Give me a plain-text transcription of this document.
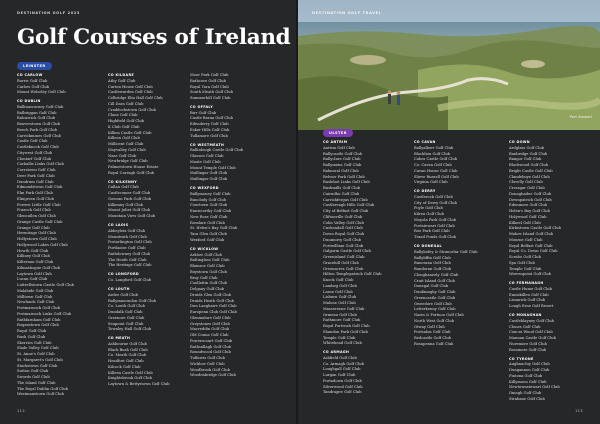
DESTINATION GOLF 2023
Golf Courses of Ireland
LEINSTER
CO CARLOW
Borris Golf Club
Carlow Golf Club
Mount Wolseley Golf Club
CO DUBLIN
Ballinascorney Golf Club
Balbriggan Golf Club
Balcarrick Golf Club
Beaverstown Golf Club
Beech Park Golf Club
Carrickmines Golf Club
Castle Golf Club
Castleknock Golf Club
Citywest Golf Club
Clontarf Golf Club
Corballis Links Golf Club
Corrstown Golf Club
Deer Park Golf Club
Dundrum Golf Club
Edmondstown Golf Club
Elm Park Golf Club
Elmgreen Golf Club
Forrest Little Golf Club
Foxrock Golf Club
Glencullen Golf Club
Grange Castle Golf Club
Grange Golf Club
Hermitage Golf Club
Hollystown Golf Club
Hollywood Lakes Golf Club
Howth Golf Club
Killiney Golf Club
Kilternan Golf Club
Kilmashogue Golf Club
Laytown Golf Club
Lucan Golf Club
Luttrellstown Castle Golf Club
Malahide Golf Club
Milltown Golf Club
Newlands Golf Club
Portmarnock Golf Club
Portmarnock Links Golf Club
Rathfarnham Golf Club
Roganstown Golf Club
Royal Golf Club
Rush Golf Club
Skerries Golf Club
Slade Valley Golf Club
St. Anne's Golf Club
St. Margaret's Golf Club
Stackstown Golf Club
Sutton Golf Club
Swords Golf Club
The Island Golf Club
The Royal Dublin Golf Club
Westmanstown Golf Club
CO KILDARE
Athy Golf Club
Carton House Golf Club
Castlewarden Golf Club
Celbridge Elm Hall Golf Club
Cill Dara Golf Club
Craddockstown Golf Club
Clane Golf Club
Highfield Golf Club
K Club Golf Club
Kilkea Castle Golf Club
Killeen Golf Club
Millicent Golf Club
Moyvalley Golf Club
Naas Golf Club
Newbridge Golf Club
Palmerstown House Estate
Royal Curragh Golf Club
CO KILKENNY
Callan Golf Club
Castlecomer Golf Club
Gowran Park Golf Club
Kilkenny Golf Club
Mount Juliet Golf Club
Mountain View Golf Club
CO LAOIS
Abbeyleix Golf Club
Mountrath Golf Club
Portarlington Golf Club
Portlaoise Golf Club
Rathdowney Golf Club
The Heath Golf Club
The Heritage Golf Club
CO LONGFORD
Co. Longford Golf Club
CO LOUTH
Ardee Golf Club
Ballymascanlon Golf Club
Co. Louth Golf Club
Dundalk Golf Club
Greenore Golf Club
Seapoint Golf Club
Townley Hall Golf Club
CO MEATH
Ashbourne Golf Club
Black Bush Golf Club
Co. Meath Golf Club
Headfort Golf Club
Kilcock Golf Club
Killeen Castle Golf Club
Knightsbrook Golf Club
Laytown & Bettystown Golf Club
Moor Park Golf Club
Rathcore Golf Club
Royal Tara Golf Club
South Meath Golf Club
Summerhill Golf Club
CO OFFALY
Birr Golf Club
Castle Barna Golf Club
Edenderry Golf Club
Esker Hills Golf Club
Tullamore Golf Club
CO WESTMEATH
Ballinlough Castle Golf Club
Glasson Golf Club
Moate Golf Club
Mount Temple Golf Club
Mullingar Golf Club
Mullingar Golf Club
CO WEXFORD
Ballymoney Golf Club
Bunclody Golf Club
Courtown Golf Club
Enniscorthy Golf Club
New Ross Golf Club
Rosslare Golf Club
St. Helen's Bay Golf Club
Tara Glen Golf Club
Wexford Golf Club
CO WICKLOW
Arklow Golf Club
Baltinglass Golf Club
Blainroe Golf Club
Boystown Golf Club
Bray Golf Club
Coollattin Golf Club
Delgany Golf Club
Druids Glen Golf Club
Druids Heath Golf Club
Dun Laoghaire Golf Club
European Club Golf Club
Glenmalure Golf Club
Greystones Golf Club
Macreddin Golf Club
Old Conna Golf Club
Powerscourt Golf Club
Rathsallagh Golf Club
Roundwood Golf Club
Tulfarris Golf Club
Wicklow Golf Club
Woodbrook Golf Club
Woodenbridge Golf Club
DESTINATION GOLF TRAVEL
Port Stewart
ULSTER
CO ANTRIM
Antrim Golf Club
Ballycastle Golf Club
Ballyclare Golf Club
Ballymena Golf Club
Balmoral Golf Club
Belvoir Park Golf Club
Bushfoot Links Golf Club
Bushmills Golf Club
Cairndhu Golf Club
Carrickfergus Golf Club
Castlereagh Hills Golf Club
City of Belfast Golf Club
Cliftonville Golf Club
Colin Valley Golf Club
Cushendall Golf Club
Down Royal Golf Club
Dunmurry Golf Club
Fortwilliam Golf Club
Galgorm Castle Golf Club
Greenisland Golf Club
Gracehill Golf Club
Greenacres Golf Club
Hilton Templepatrick Golf Club
Knock Golf Club
Lambeg Golf Club
Larne Golf Club
Lisburn Golf Club
Malone Golf Club
Massereene Golf Club
Ormeau Golf Club
Rathmore Golf Club
Royal Portrush Golf Club
Shandon Park Golf Club
Temple Golf Club
Whitehead Golf Club
CO ARMAGH
Ashfield Golf Club
Co. Armagh Golf Club
Loughgall Golf Club
Lurgan Golf Club
Portadown Golf Club
Silverwood Golf Club
Tandragee Golf Club
CO CAVAN
Ballyalbert Golf Club
Blacklion Golf Club
Cabra Castle Golf Club
Co. Cavan Golf Club
Cavan House Golf Club
Slieve Russell Golf Club
Virginia Golf Club
CO DERRY
Castlerock Golf Club
City of Derry Golf Club
Foyle Golf Club
Kilrea Golf Club
Moyola Park Golf Club
Portstewart Golf Club
Roe Park Golf Club
Traad Ponds Golf Club
CO DONEGAL
Ballybofey & Stranorlar Golf Club
Ballyliffin Golf Club
Buncrana Golf Club
Bundoran Golf Club
Cloughaneely Golf Club
Cruit Island Golf Club
Donegal Golf Club
Dunfanaghy Golf Club
Greencastle Golf Club
Gweedore Golf Club
Letterkenny Golf Club
Narin & Portnoo Golf Club
North West Golf Club
Otway Golf Club
Portsalon Golf Club
Redcastle Golf Club
Rosapenna Golf Club
CO DOWN
Ardglass Golf Club
Banbridge Golf Club
Bangor Golf Club
Blackwood Golf Club
Bright Castle Golf Club
Clandeboye Golf Club
Clovelly Golf Club
Crossgar Golf Club
Donaghadee Golf Club
Downpatrick Golf Club
Edenmore Golf Club
Helen's Bay Golf Club
Holywood Golf Club
Kilkeel Golf Club
Kirkistown Castle Golf Club
Mahee Island Golf Club
Mourne Golf Club
Royal Belfast Golf Club
Royal Co. Down Golf Club
Scrabo Golf Club
Spa Golf Club
Temple Golf Club
Warrenpoint Golf Club
CO FERMANAGH
Castle Hume Golf Club
Enniskillen Golf Club
Lisnarick Golf Club
Lough Erne Golf Resort
CO MONAGHAN
Castleblayney Golf Club
Clones Golf Club
Concra Wood Golf Club
Mannan Castle Golf Club
Nuremore Golf Club
Rossmore Golf Club
CO TYRONE
Aughnacloy Golf Club
Dungannon Golf Club
Fintona Golf Club
Killymoon Golf Club
Newtownstewart Golf Club
Omagh Golf Club
Strabane Golf Club
112	113
